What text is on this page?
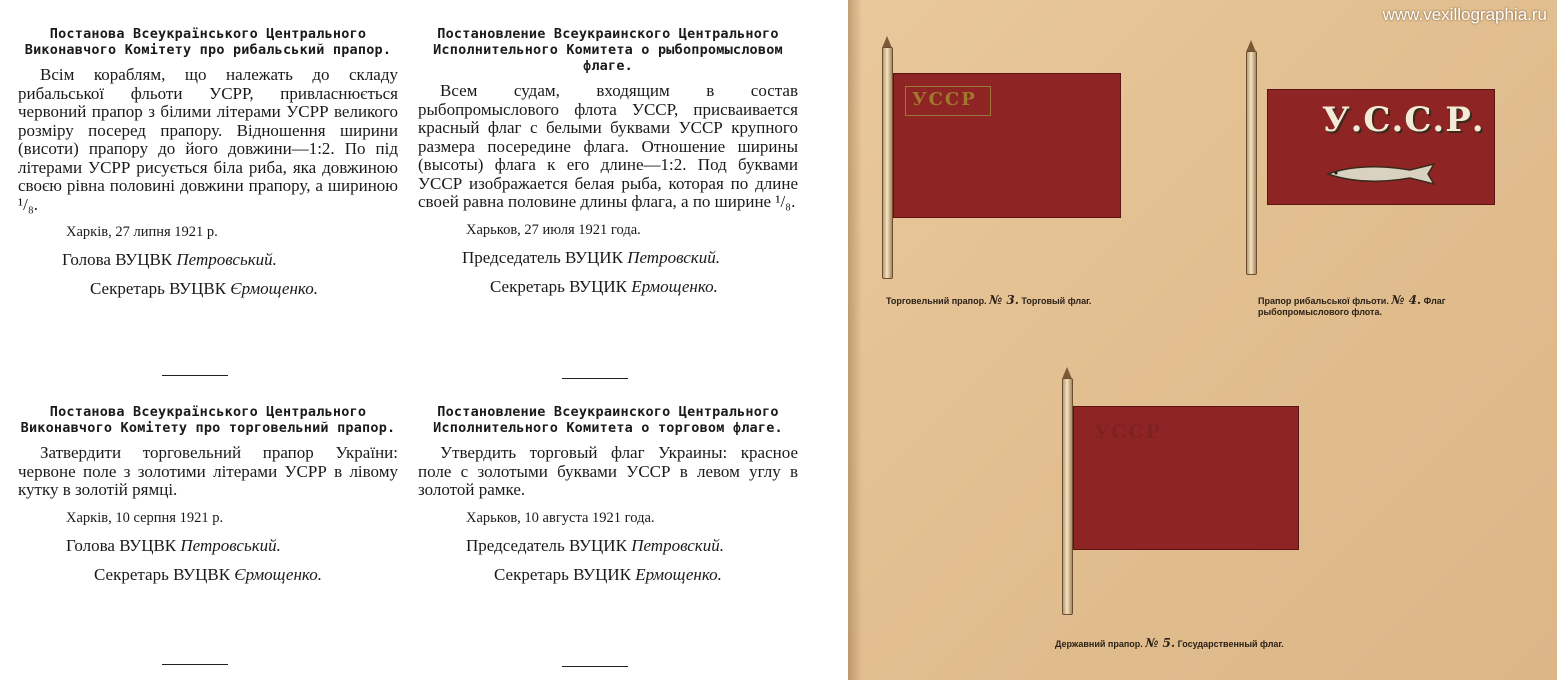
Постанова Всеукраїнського Центрального Виконавчого Комітету про рибальський прапор.
Всім кораблям, що належать до складу рибальської фльоти УСРР, привласнюється червоний прапор з білими літерами УСРР великого розміру посеред прапору. Відношення ширини (висоти) прапору до його довжини—1:2. По під літерами УСРР рисується біла риба, яка довжиною своєю рівна половині довжини прапору, а шириною ¹/₈.
Харків, 27 липня 1921 р.
Голова ВУЦВК Петровський.
Секретарь ВУЦВК Єрмощенко.
Постановление Всеукраинского Центрального Исполнительного Комитета о рыбопромысловом флаге.
Всем судам, входящим в состав рыбопромыслового флота УССР, присваивается красный флаг с белыми буквами УССР крупного размера посередине флага. Отношение ширины (высоты) флага к его длине—1:2. Под буквами УССР изображается белая рыба, которая по длине своей равна половине длины флага, а по ширине ¹/₈.
Харьков, 27 июля 1921 года.
Председатель ВУЦИК Петровский.
Секретарь ВУЦИК Ермощенко.
Постанова Всеукраїнського Центрального Виконавчого Комітету про торговельний прапор.
Затвердити торговельний прапор України: червоне поле з золотими літерами УСРР в лівому кутку в золотій рямці.
Харків, 10 серпня 1921 р.
Голова ВУЦВК Петровський.
Секретарь ВУЦВК Єрмощенко.
Постановление Всеукраинского Центрального Исполнительного Комитета о торговом флаге.
Утвердить торговый флаг Украины: красное поле с золотыми буквами УССР в левом углу в золотой рамке.
Харьков, 10 августа 1921 года.
Председатель ВУЦИК Петровский.
Секретарь ВУЦИК Ермощенко.
www.vexillographia.ru
УССР
Торговельний прапор. № 3. Торговый флаг.
У.С.С.Р.
Прапор рибальської фльоти. № 4. Флаг рыбопромыслового флота.
УССР
Державний прапор. № 5. Государственный флаг.
